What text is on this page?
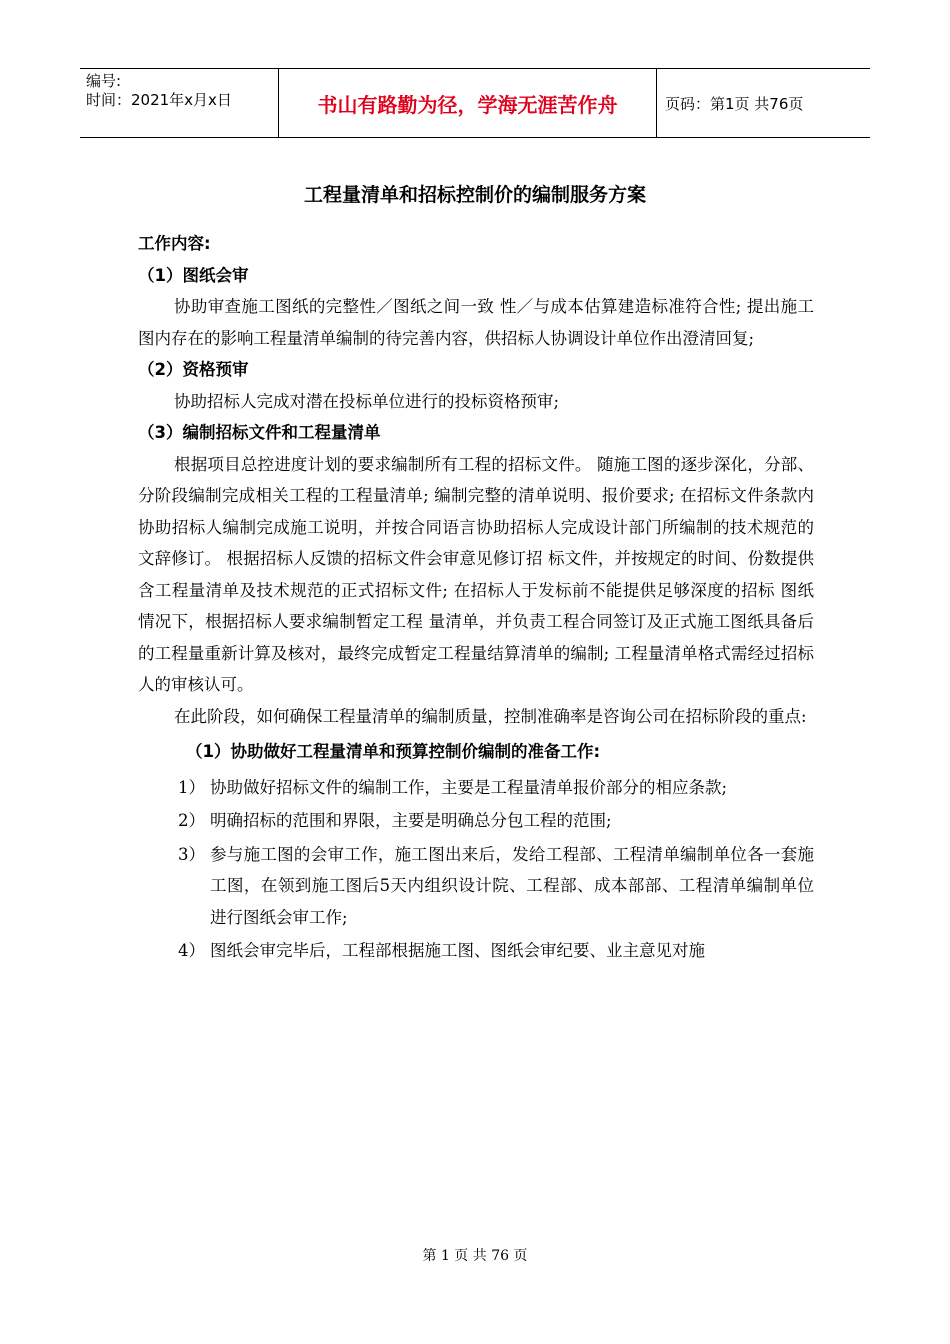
编号:
时间：2021年x月x日	书山有路勤为径，学海无涯苦作舟	页码：第1页 共76页
工程量清单和招标控制价的编制服务方案

工作内容:

（1）图纸会审

协助审查施工图纸的完整性／图纸之间一致 性／与成本估算建造标准符合性; 提出施工图内存在的影响工程量清单编制的待完善内容，供招标人协调设计单位作出澄清回复;

（2）资格预审

协助招标人完成对潜在投标单位进行的投标资格预审;

（3）编制招标文件和工程量清单

根据项目总控进度计划的要求编制所有工程的招标文件。 随施工图的逐步深化，分部、分阶段编制完成相关工程的工程量清单; 编制完整的清单说明、报价要求; 在招标文件条款内协助招标人编制完成施工说明，并按合同语言协助招标人完成设计部门所编制的技术规范的文辞修订。 根据招标人反馈的招标文件会审意见修订招 标文件，并按规定的时间、份数提供含工程量清单及技术规范的正式招标文件; 在招标人于发标前不能提供足够深度的招标 图纸情况下，根据招标人要求编制暂定工程 量清单，并负责工程合同签订及正式施工图纸具备后的工程量重新计算及核对，最终完成暂定工程量结算清单的编制; 工程量清单格式需经过招标人的审核认可。

在此阶段，如何确保工程量清单的编制质量，控制准确率是咨询公司在招标阶段的重点:

（1）协助做好工程量清单和预算控制价编制的准备工作:

1） 协助做好招标文件的编制工作，主要是工程量清单报价部分的相应条款;
2） 明确招标的范围和界限，主要是明确总分包工程的范围;
3） 参与施工图的会审工作，施工图出来后，发给工程部、工程清单编制单位各一套施工图，在领到施工图后5天内组织设计院、工程部、成本部部、工程清单编制单位进行图纸会审工作;
4） 图纸会审完毕后，工程部根据施工图、图纸会审纪要、业主意见对施
第 1 页 共 76 页
